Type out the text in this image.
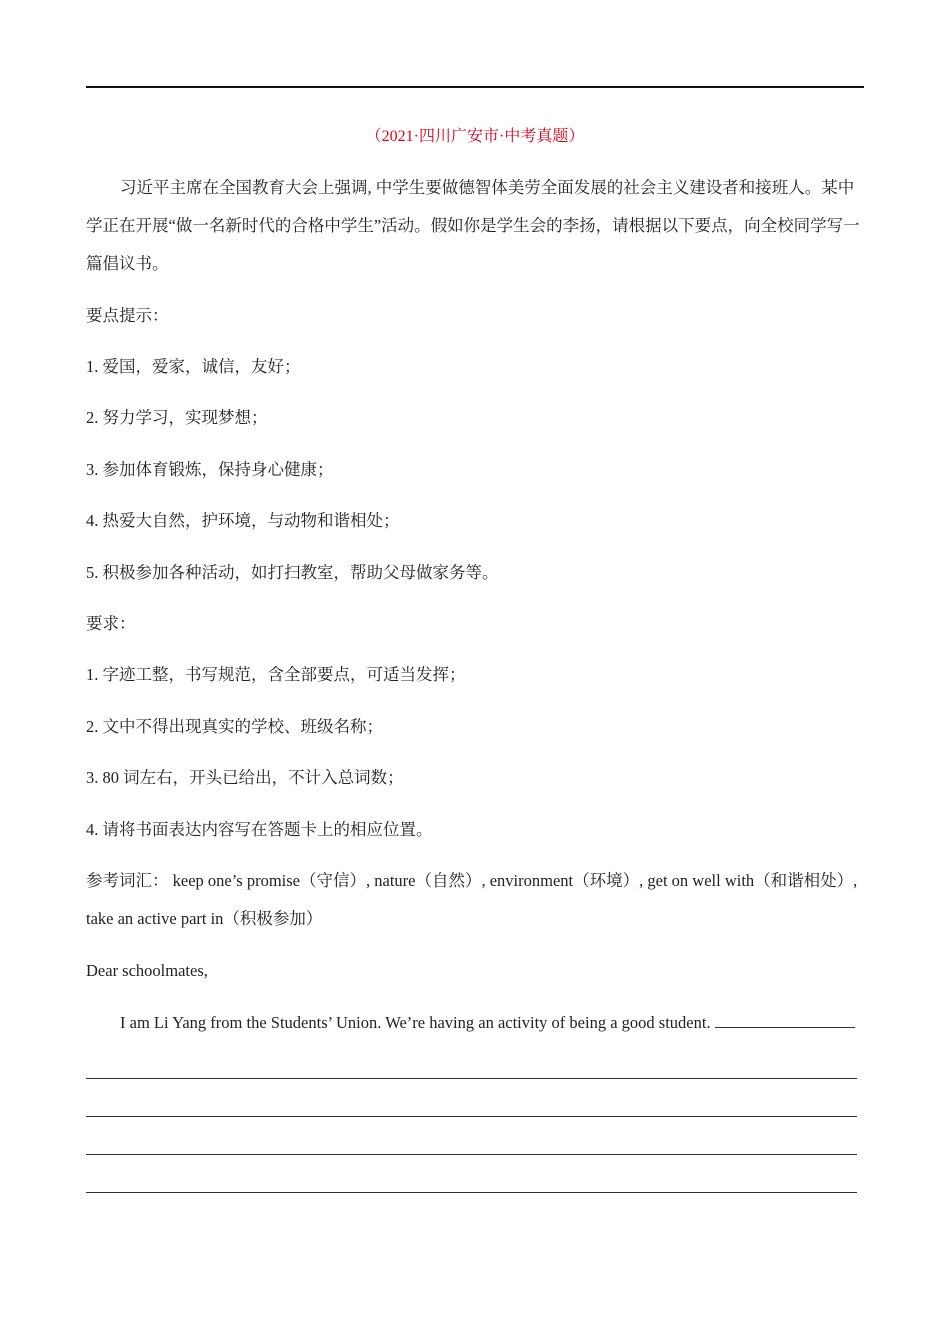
（2021·四川广安市·中考真题）

习近平主席在全国教育大会上强调, 中学生要做德智体美劳全面发展的社会主义建设者和接班人。某中学正在开展“做一名新时代的合格中学生”活动。假如你是学生会的李扬，请根据以下要点，向全校同学写一篇倡议书。

要点提示：

1. 爱国，爱家，诚信，友好；

2. 努力学习，实现梦想；

3. 参加体育锻炼，保持身心健康；

4. 热爱大自然，护环境，与动物和谐相处；

5. 积极参加各种活动，如打扫教室，帮助父母做家务等。

要求：

1. 字迹工整，书写规范，含全部要点，可适当发挥；

2. 文中不得出现真实的学校、班级名称；

3. 80 词左右，开头已给出，不计入总词数；

4. 请将书面表达内容写在答题卡上的相应位置。

参考词汇： keep one’s promise（守信）, nature（自然）, environment（环境）, get on well with（和谐相处）, take an active part in（积极参加）

Dear schoolmates,

I am Li Yang from the Students’ Union. We’re having an activity of being a good student.
